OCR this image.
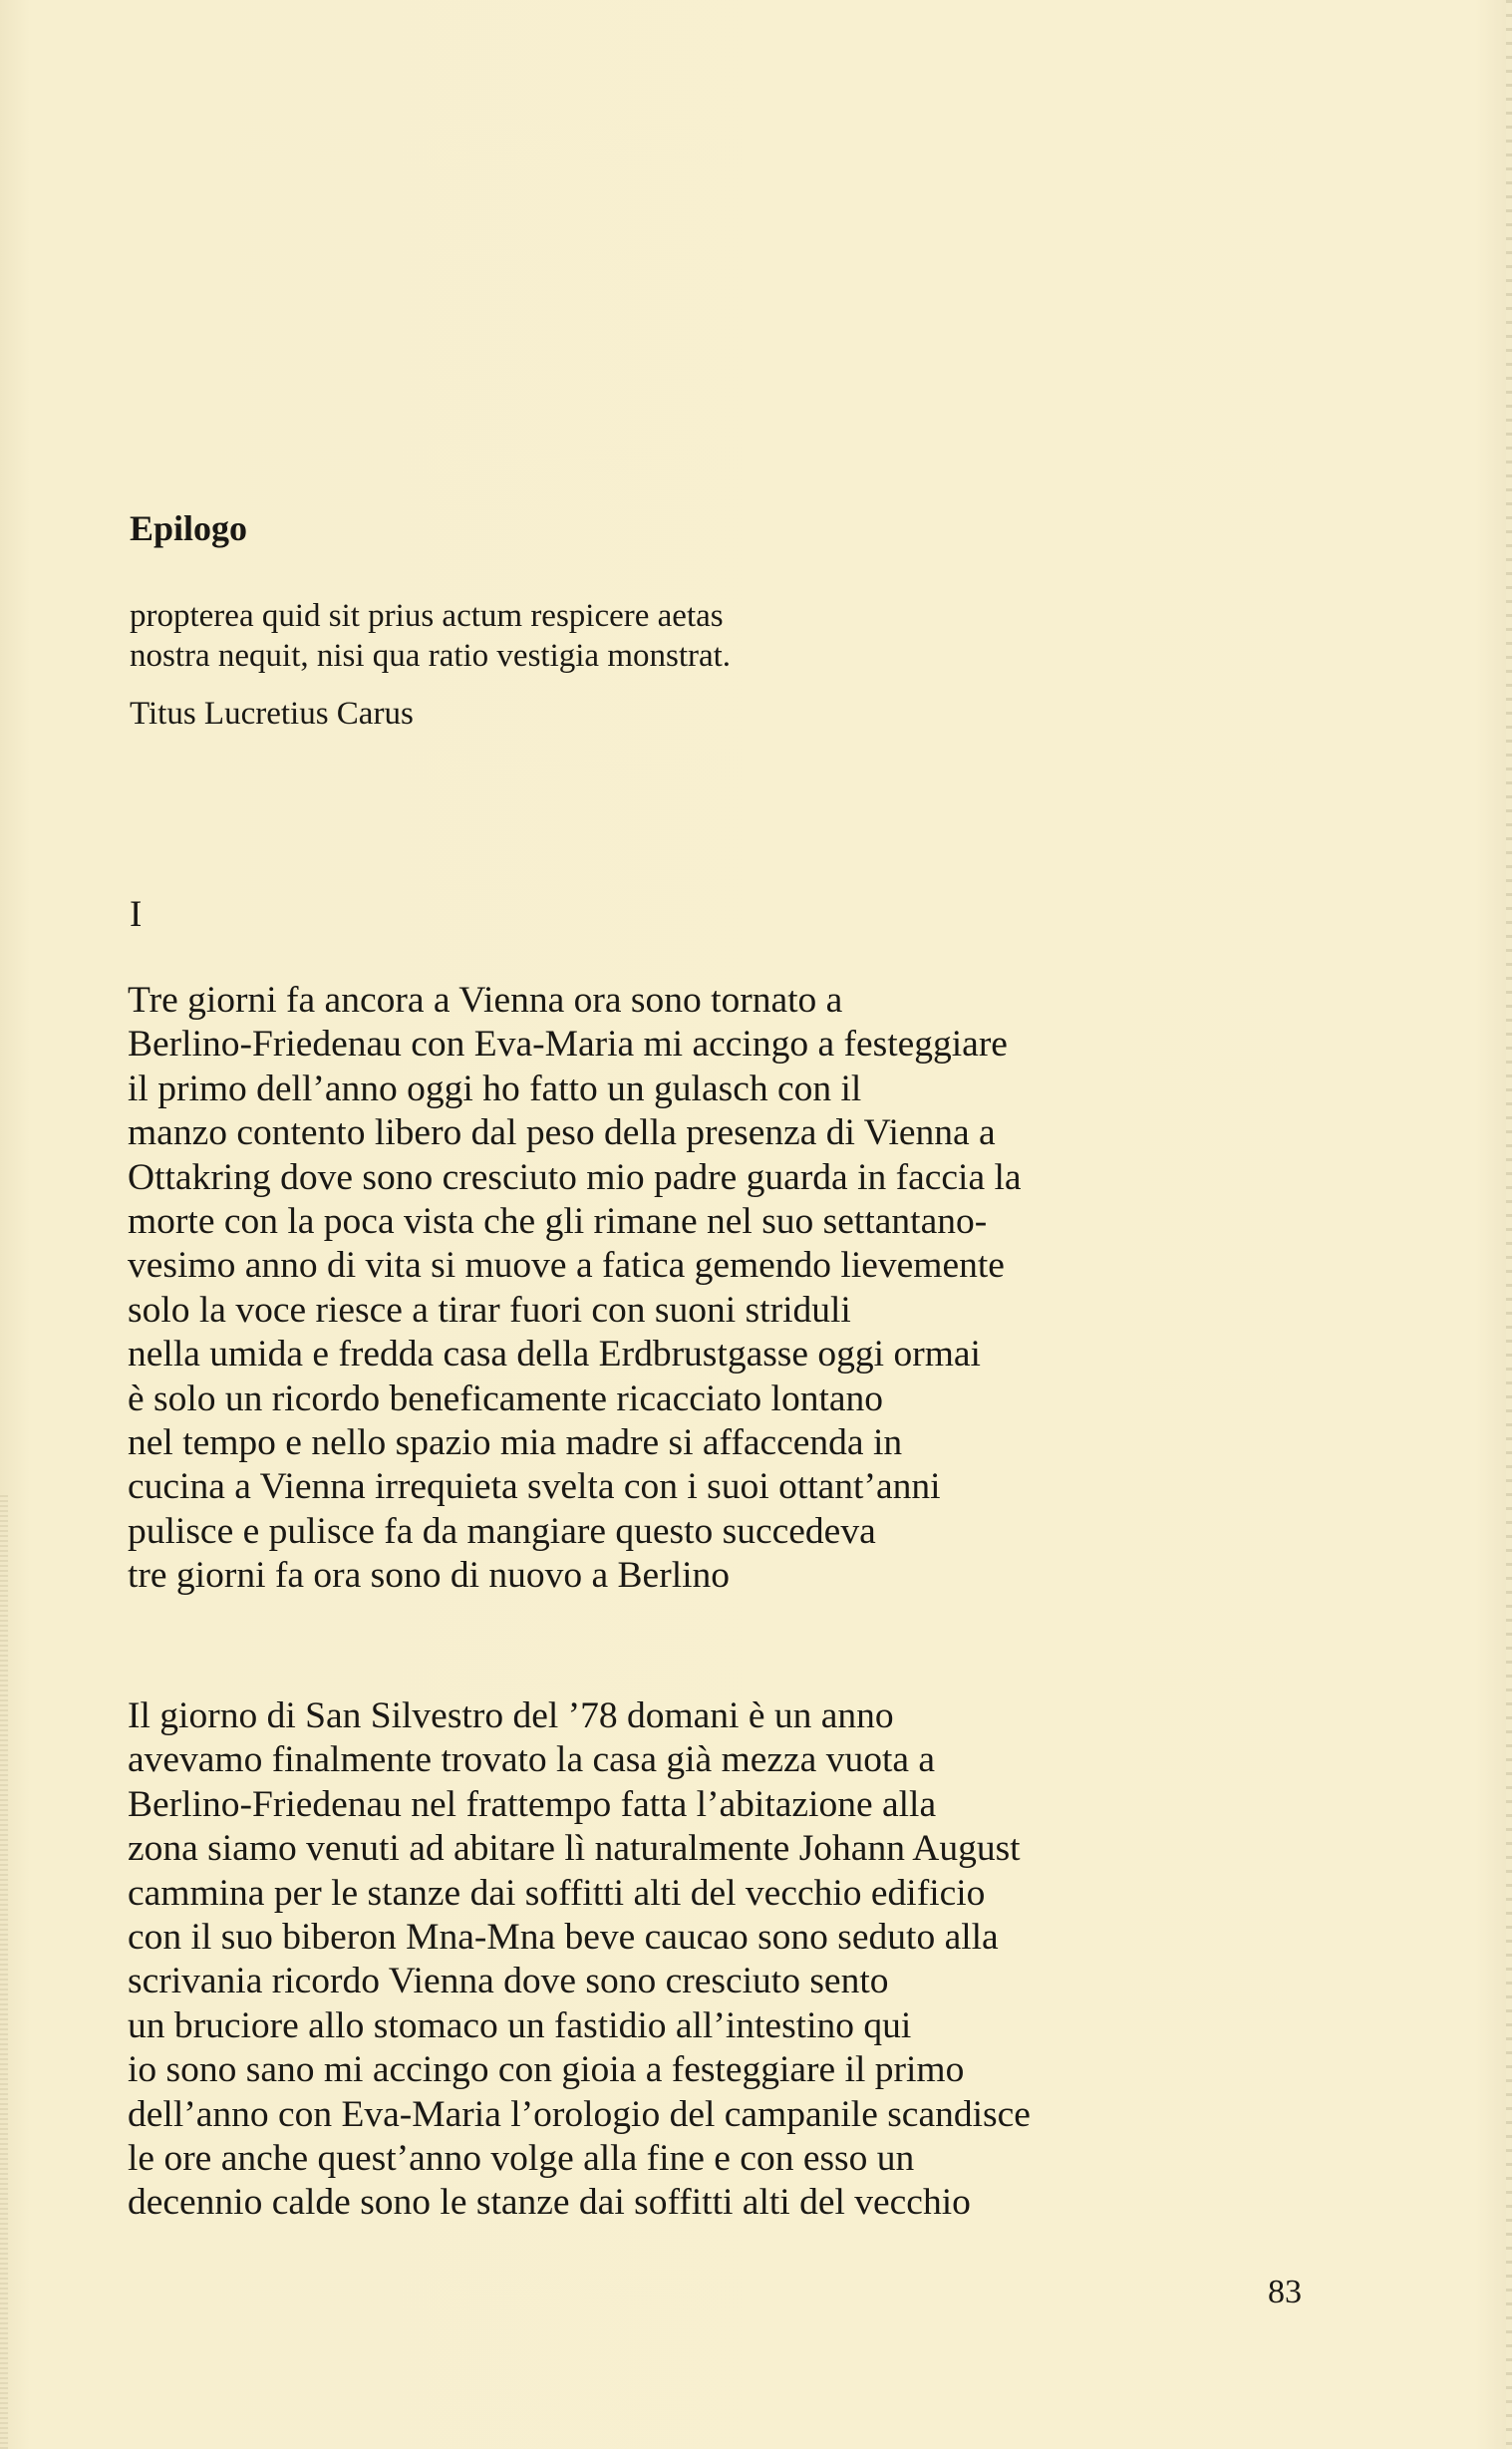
Epilogo
propterea quid sit prius actum respicere aetas
nostra nequit, nisi qua ratio vestigia monstrat.
Titus Lucretius Carus
I
Tre giorni fa ancora a Vienna ora sono tornato a
Berlino-Friedenau con Eva-Maria mi accingo a festeggiare
il primo dell’anno oggi ho fatto un gulasch con il
manzo contento libero dal peso della presenza di Vienna a
Ottakring dove sono cresciuto mio padre guarda in faccia la
morte con la poca vista che gli rimane nel suo settantano-
vesimo anno di vita si muove a fatica gemendo lievemente
solo la voce riesce a tirar fuori con suoni striduli
nella umida e fredda casa della Erdbrustgasse oggi ormai
è solo un ricordo beneficamente ricacciato lontano
nel tempo e nello spazio mia madre si affaccenda in
cucina a Vienna irrequieta svelta con i suoi ottant’anni
pulisce e pulisce fa da mangiare questo succedeva
tre giorni fa ora sono di nuovo a Berlino
Il giorno di San Silvestro del ’78 domani è un anno
avevamo finalmente trovato la casa già mezza vuota a
Berlino-Friedenau nel frattempo fatta l’abitazione alla
zona siamo venuti ad abitare lì naturalmente Johann August
cammina per le stanze dai soffitti alti del vecchio edificio
con il suo biberon Mna-Mna beve caucao sono seduto alla
scrivania ricordo Vienna dove sono cresciuto sento
un bruciore allo stomaco un fastidio all’intestino qui
io sono sano mi accingo con gioia a festeggiare il primo
dell’anno con Eva-Maria l’orologio del campanile scandisce
le ore anche quest’anno volge alla fine e con esso un
decennio calde sono le stanze dai soffitti alti del vecchio
83
